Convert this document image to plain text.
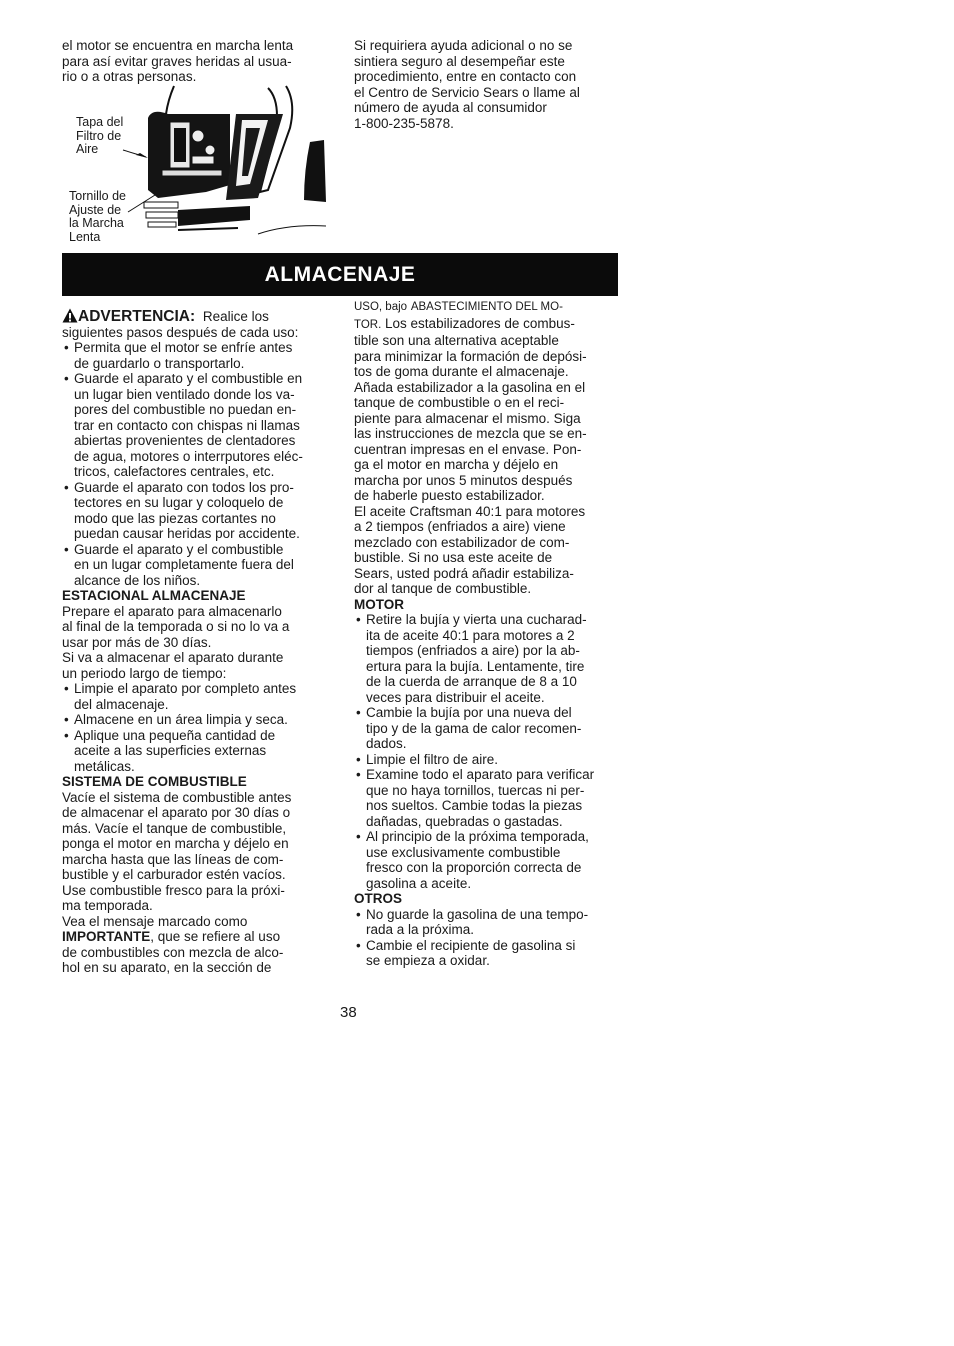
el motor se encuentra en marcha lenta
para así evitar graves heridas al usua-
rio o a otras personas.
Si requiriera ayuda adicional o no se
sintiera seguro al desempeñar este
procedimiento, entre en contacto con
el Centro de Servicio Sears o llame al
número de ayuda al consumidor
1-800-235-5878.
Tapa del
Filtro de
Aire
Tornillo de
Ajuste de
la Marcha
Lenta
ALMACENAJE
ADVERTENCIA: Realice los
siguientes pasos después de cada uso:
• Permita que el motor se enfríe antes
de guardarlo o transportarlo.
• Guarde el aparato y el combustible en
un lugar bien ventilado donde los va-
pores del combustible no puedan en-
trar en contacto con chispas ni llamas
abiertas provenientes de clentadores
de agua, motores o interrputores eléc-
tricos, calefactores centrales, etc.
• Guarde el aparato con todos los pro-
tectores en su lugar y coloquelo de
modo que las piezas cortantes no
puedan causar heridas por accidente.
• Guarde el aparato y el combustible
en un lugar completamente fuera del
alcance de los niños.
ESTACIONAL ALMACENAJE
Prepare el aparato para almacenarlo
al final de la temporada o si no lo va a
usar por más de 30 días.
Si va a almacenar el aparato durante
un periodo largo de tiempo:
• Limpie el aparato por completo antes
del almacenaje.
• Almacene en un área limpia y seca.
• Aplique una pequeña cantidad de
aceite a las superficies externas
metálicas.
SISTEMA DE COMBUSTIBLE
Vacíe el sistema de combustible antes
de almacenar el aparato por 30 días o
más. Vacíe el tanque de combustible,
ponga el motor en marcha y déjelo en
marcha hasta que las líneas de com-
bustible y el carburador estén vacíos.
Use combustible fresco para la próxi-
ma temporada.
Vea el mensaje marcado como
IMPORTANTE, que se refiere al uso
de combustibles con mezcla de alco-
hol en su aparato, en la sección de
USO, bajo ABASTECIMIENTO DEL MO-
TOR. Los estabilizadores de combus-
tible son una alternativa aceptable
para minimizar la formación de depósi-
tos de goma durante el almacenaje.
Añada estabilizador a la gasolina en el
tanque de combustible o en el reci-
piente para almacenar el mismo. Siga
las instrucciones de mezcla que se en-
cuentran impresas en el envase. Pon-
ga el motor en marcha y déjelo en
marcha por unos 5 minutos después
de haberle puesto estabilizador.
El aceite Craftsman 40:1 para motores
a 2 tiempos (enfriados a aire) viene
mezclado con estabilizador de com-
bustible. Si no usa este aceite de
Sears, usted podrá añadir estabiliza-
dor al tanque de combustible.
MOTOR
• Retire la bujía y vierta una cucharad-
ita de aceite 40:1 para motores a 2
tiempos (enfriados a aire) por la ab-
ertura para la bujía. Lentamente, tire
de la cuerda de arranque de 8 a 10
veces para distribuir el aceite.
• Cambie la bujía por una nueva del
tipo y de la gama de calor recomen-
dados.
• Limpie el filtro de aire.
• Examine todo el aparato para verificar
que no haya tornillos, tuercas ni per-
nos sueltos. Cambie todas la piezas
dañadas, quebradas o gastadas.
• Al principio de la próxima temporada,
use exclusivamente combustible
fresco con la proporción correcta de
gasolina a aceite.
OTROS
• No guarde la gasolina de una tempo-
rada a la próxima.
• Cambie el recipiente de gasolina si
se empieza a oxidar.
38
